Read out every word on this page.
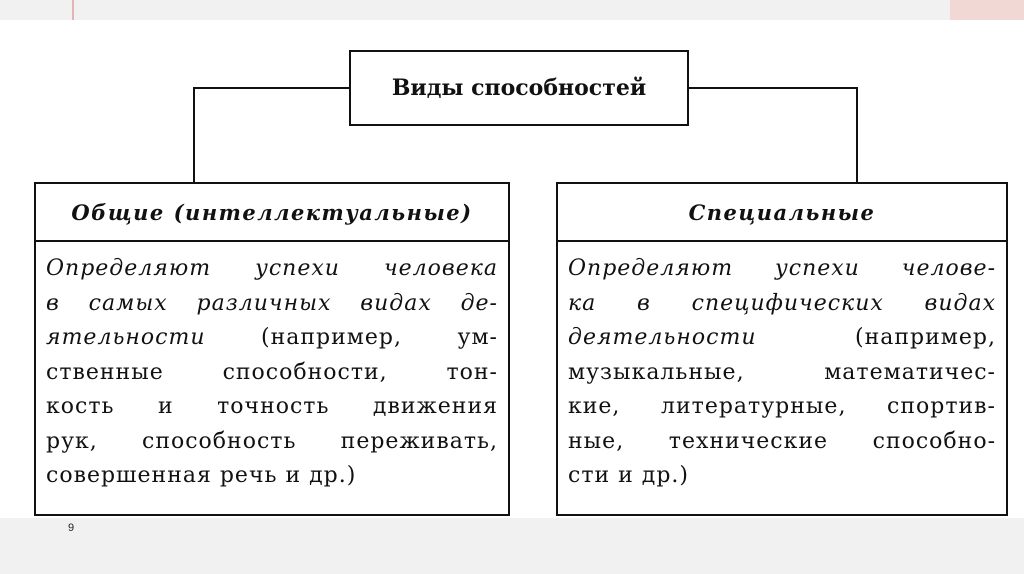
Виды способностей
Общие (интеллектуальные)
Определяют успехи человека
в самых различных видах де-
ятельности (например, ум-
ственные способности, тон-
кость и точность движения
рук, способность переживать,
совершенная речь и др.)
Специальные
Определяют успехи челове-
ка в специфических видах
деятельности (например,
музыкальные, математичес-
кие, литературные, спортив-
ные, технические способно-
сти и др.)
9
